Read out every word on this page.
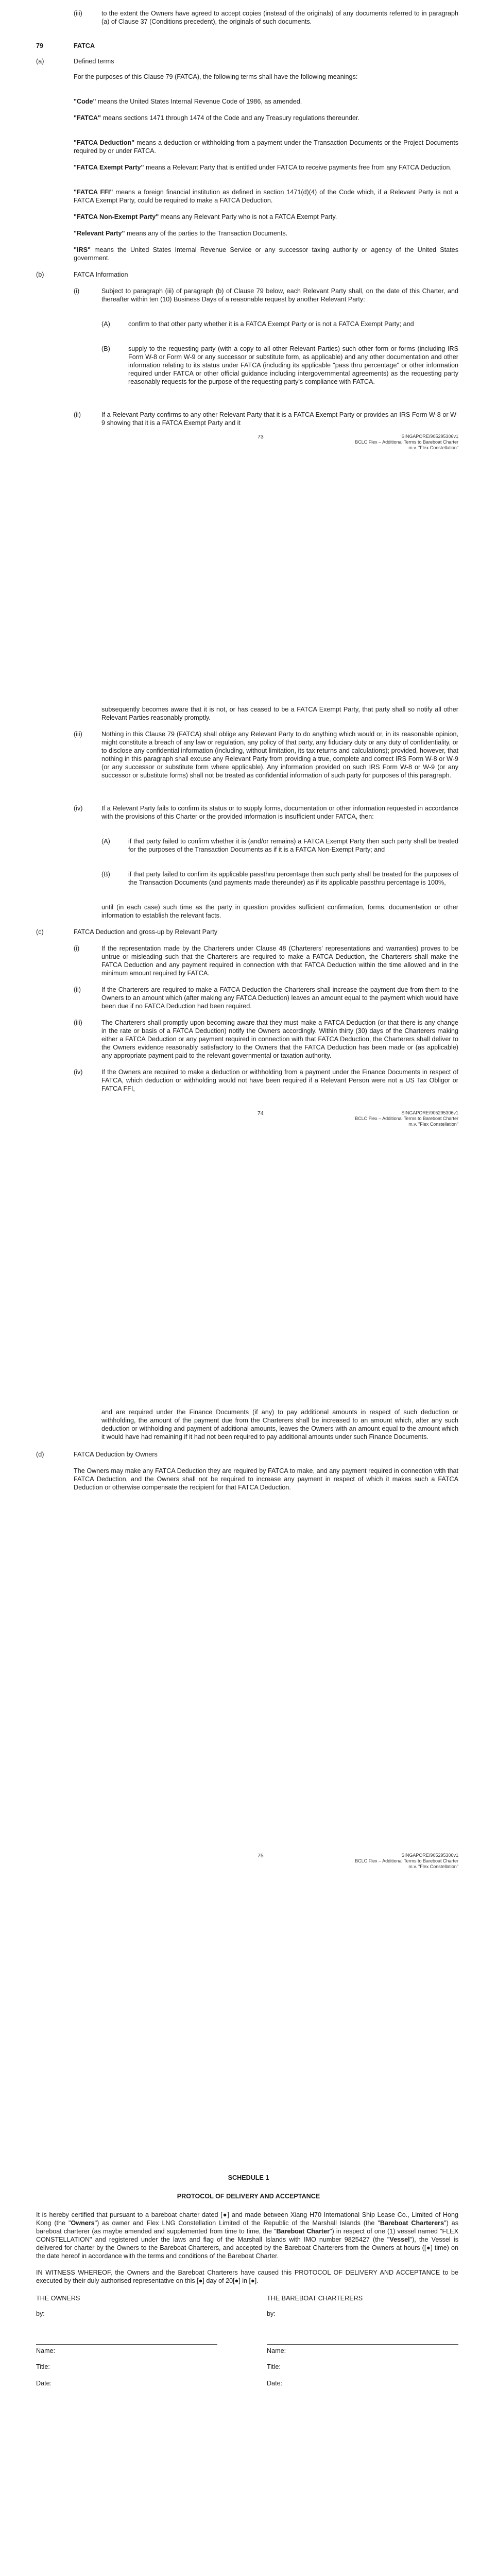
(iii)	to the extent the Owners have agreed to accept copies (instead of the originals) of any documents referred to in paragraph (a) of Clause 37 (Conditions precedent), the originals of such documents.

79	FATCA

(a)	Defined terms

For the purposes of this Clause 79 (FATCA), the following terms shall have the following meanings:

"Code" means the United States Internal Revenue Code of 1986, as amended.

"FATCA" means sections 1471 through 1474 of the Code and any Treasury regulations thereunder.

"FATCA Deduction" means a deduction or withholding from a payment under the Transaction Documents or the Project Documents required by or under FATCA.

"FATCA Exempt Party" means a Relevant Party that is entitled under FATCA to receive payments free from any FATCA Deduction.

"FATCA FFI" means a foreign financial institution as defined in section 1471(d)(4) of the Code which, if a Relevant Party is not a FATCA Exempt Party, could be required to make a FATCA Deduction.

"FATCA Non-Exempt Party" means any Relevant Party who is not a FATCA Exempt Party.

"Relevant Party" means any of the parties to the Transaction Documents.

"IRS" means the United States Internal Revenue Service or any successor taxing authority or agency of the United States government.

(b)	FATCA Information

(i)	Subject to paragraph (iii) of paragraph (b) of Clause 79 below, each Relevant Party shall, on the date of this Charter, and thereafter within ten (10) Business Days of a reasonable request by another Relevant Party:

(A)	confirm to that other party whether it is a FATCA Exempt Party or is not a FATCA Exempt Party; and

(B)	supply to the requesting party (with a copy to all other Relevant Parties) such other form or forms (including IRS Form W-8 or Form W-9 or any successor or substitute form, as applicable) and any other documentation and other information relating to its status under FATCA (including its applicable "pass thru percentage" or other information required under FATCA or other official guidance including intergovernmental agreements) as the requesting party reasonably requests for the purpose of the requesting party's compliance with FATCA.

(ii)	If a Relevant Party confirms to any other Relevant Party that it is a FATCA Exempt Party or provides an IRS Form W-8 or W-9 showing that it is a FATCA Exempt Party and it

73	SINGAPORE/905295306v1

BCLC Flex – Additional Terms to Bareboat Charter

m.v. "Flex Constellation"

subsequently becomes aware that it is not, or has ceased to be a FATCA Exempt Party, that party shall so notify all other Relevant Parties reasonably promptly.

(iii)	Nothing in this Clause 79 (FATCA) shall oblige any Relevant Party to do anything which would or, in its reasonable opinion, might constitute a breach of any law or regulation, any policy of that party, any fiduciary duty or any duty of confidentiality, or to disclose any confidential information (including, without limitation, its tax returns and calculations); provided, however, that nothing in this paragraph shall excuse any Relevant Party from providing a true, complete and correct IRS Form W-8 or W-9 (or any successor or substitute form where applicable). Any information provided on such IRS Form W-8 or W-9 (or any successor or substitute forms) shall not be treated as confidential information of such party for purposes of this paragraph.

(iv)	If a Relevant Party fails to confirm its status or to supply forms, documentation or other information requested in accordance with the provisions of this Charter or the provided information is insufficient under FATCA, then:

(A)	if that party failed to confirm whether it is (and/or remains) a FATCA Exempt Party then such party shall be treated for the purposes of the Transaction Documents as if it is a FATCA Non-Exempt Party; and

(B)	if that party failed to confirm its applicable passthru percentage then such party shall be treated for the purposes of the Transaction Documents (and payments made thereunder) as if its applicable passthru percentage is 100%,

until (in each case) such time as the party in question provides sufficient confirmation, forms, documentation or other information to establish the relevant facts.

(c)	FATCA Deduction and gross-up by Relevant Party

(i)	If the representation made by the Charterers under Clause 48 (Charterers' representations and warranties) proves to be untrue or misleading such that the Charterers are required to make a FATCA Deduction, the Charterers shall make the FATCA Deduction and any payment required in connection with that FATCA Deduction within the time allowed and in the minimum amount required by FATCA.

(ii)	If the Charterers are required to make a FATCA Deduction the Charterers shall increase the payment due from them to the Owners to an amount which (after making any FATCA Deduction) leaves an amount equal to the payment which would have been due if no FATCA Deduction had been required.

(iii)	The Charterers shall promptly upon becoming aware that they must make a FATCA Deduction (or that there is any change in the rate or basis of a FATCA Deduction) notify the Owners accordingly. Within thirty (30) days of the Charterers making either a FATCA Deduction or any payment required in connection with that FATCA Deduction, the Charterers shall deliver to the Owners evidence reasonably satisfactory to the Owners that the FATCA Deduction has been made or (as applicable) any appropriate payment paid to the relevant governmental or taxation authority.

(iv)	If the Owners are required to make a deduction or withholding from a payment under the Finance Documents in respect of FATCA, which deduction or withholding would not have been required if a Relevant Person were not a US Tax Obligor or FATCA FFI,

74	SINGAPORE/905295306v1

BCLC Flex – Additional Terms to Bareboat Charter

m.v. "Flex Constellation"

and are required under the Finance Documents (if any) to pay additional amounts in respect of such deduction or withholding, the amount of the payment due from the Charterers shall be increased to an amount which, after any such deduction or withholding and payment of additional amounts, leaves the Owners with an amount equal to the amount which it would have had remaining if it had not been required to pay additional amounts under such Finance Documents.

(d)	FATCA Deduction by Owners

The Owners may make any FATCA Deduction they are required by FATCA to make, and any payment required in connection with that FATCA Deduction, and the Owners shall not be required to increase any payment in respect of which it makes such a FATCA Deduction or otherwise compensate the recipient for that FATCA Deduction.

75	SINGAPORE/905295306v1

BCLC Flex – Additional Terms to Bareboat Charter

m.v. "Flex Constellation"

SCHEDULE 1

PROTOCOL OF DELIVERY AND ACCEPTANCE

It is hereby certified that pursuant to a bareboat charter dated [●] and made between Xiang H70 International Ship Lease Co., Limited of Hong Kong (the "Owners") as owner and Flex LNG Constellation Limited of the Republic of the Marshall Islands (the "Bareboat Charterers") as bareboat charterer (as maybe amended and supplemented from time to time, the "Bareboat Charter") in respect of one (1) vessel named "FLEX CONSTELLATION" and registered under the laws and flag of the Marshall Islands with IMO number 9825427 (the "Vessel"), the Vessel is delivered for charter by the Owners to the Bareboat Charterers, and accepted by the Bareboat Charterers from the Owners at hours ([●] time) on the date hereof in accordance with the terms and conditions of the Bareboat Charter.

IN WITNESS WHEREOF, the Owners and the Bareboat Charterers have caused this PROTOCOL OF DELIVERY AND ACCEPTANCE to be executed by their duly authorised representative on this [●] day of 20[●] in [●].

THE OWNERS	THE BAREBOAT CHARTERERS

by:	by:

Name:	Name:

Title:	Title:

Date:	Date:
